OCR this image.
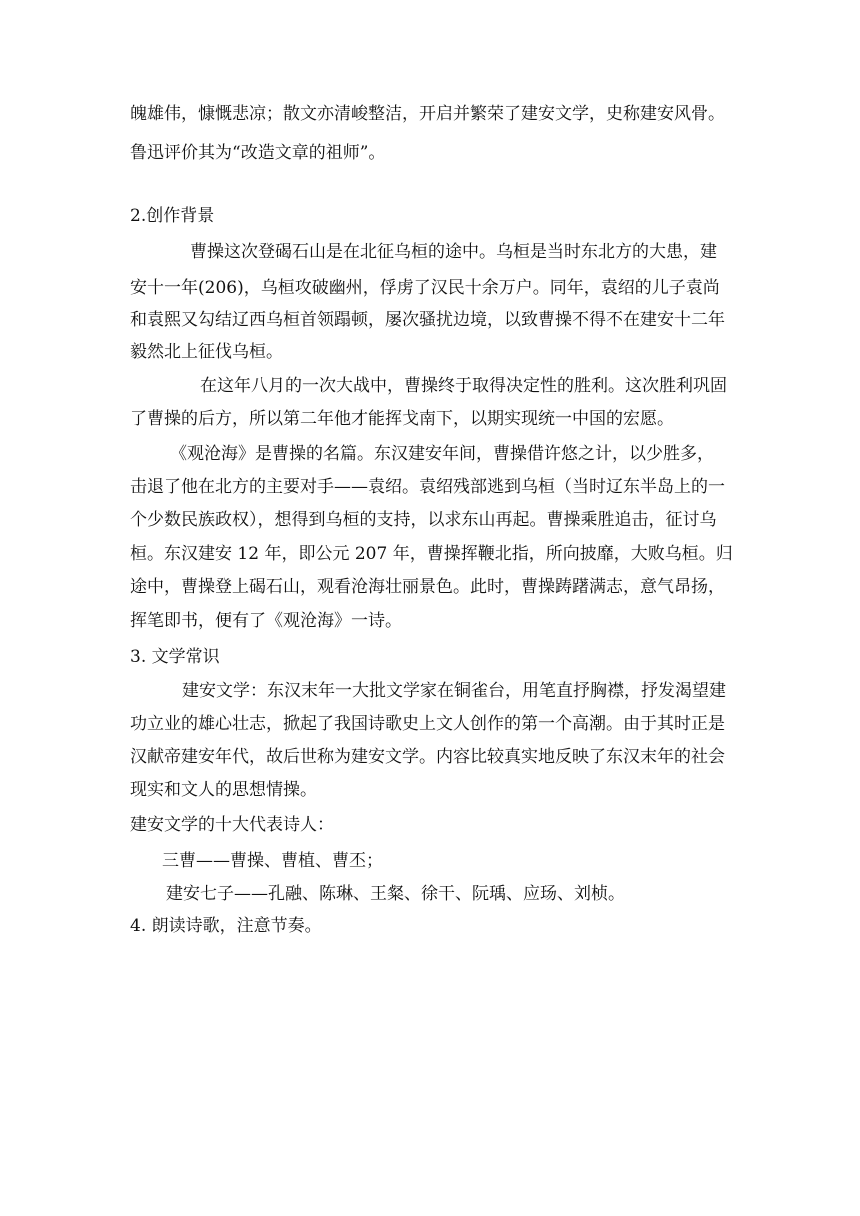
魄雄伟，慷慨悲凉；散文亦清峻整洁，开启并繁荣了建安文学，史称建安风骨。
鲁迅评价其为“改造文章的祖师”。
2.创作背景
曹操这次登碣石山是在北征乌桓的途中。乌桓是当时东北方的大患，建
安十一年(206)，乌桓攻破幽州，俘虏了汉民十余万户。同年，袁绍的儿子袁尚
和袁熙又勾结辽西乌桓首领蹋顿，屡次骚扰边境，以致曹操不得不在建安十二年
毅然北上征伐乌桓。
在这年八月的一次大战中，曹操终于取得决定性的胜利。这次胜利巩固
了曹操的后方，所以第二年他才能挥戈南下，以期实现统一中国的宏愿。
《观沧海》是曹操的名篇。东汉建安年间，曹操借许悠之计，以少胜多，
击退了他在北方的主要对手——袁绍。袁绍残部逃到乌桓（当时辽东半岛上的一
个少数民族政权），想得到乌桓的支持，以求东山再起。曹操乘胜追击，征讨乌
桓。东汉建安 12 年，即公元 207 年，曹操挥鞭北指，所向披靡，大败乌桓。归
途中，曹操登上碣石山，观看沧海壮丽景色。此时，曹操踌躇满志，意气昂扬，
挥笔即书，便有了《观沧海》一诗。
3. 文学常识
建安文学：东汉末年一大批文学家在铜雀台，用笔直抒胸襟，抒发渴望建
功立业的雄心壮志，掀起了我国诗歌史上文人创作的第一个高潮。由于其时正是
汉献帝建安年代，故后世称为建安文学。内容比较真实地反映了东汉末年的社会
现实和文人的思想情操。
建安文学的十大代表诗人：
三曹——曹操、曹植、曹丕；
建安七子——孔融、陈琳、王粲、徐干、阮瑀、应玚、刘桢。
4. 朗读诗歌，注意节奏。
